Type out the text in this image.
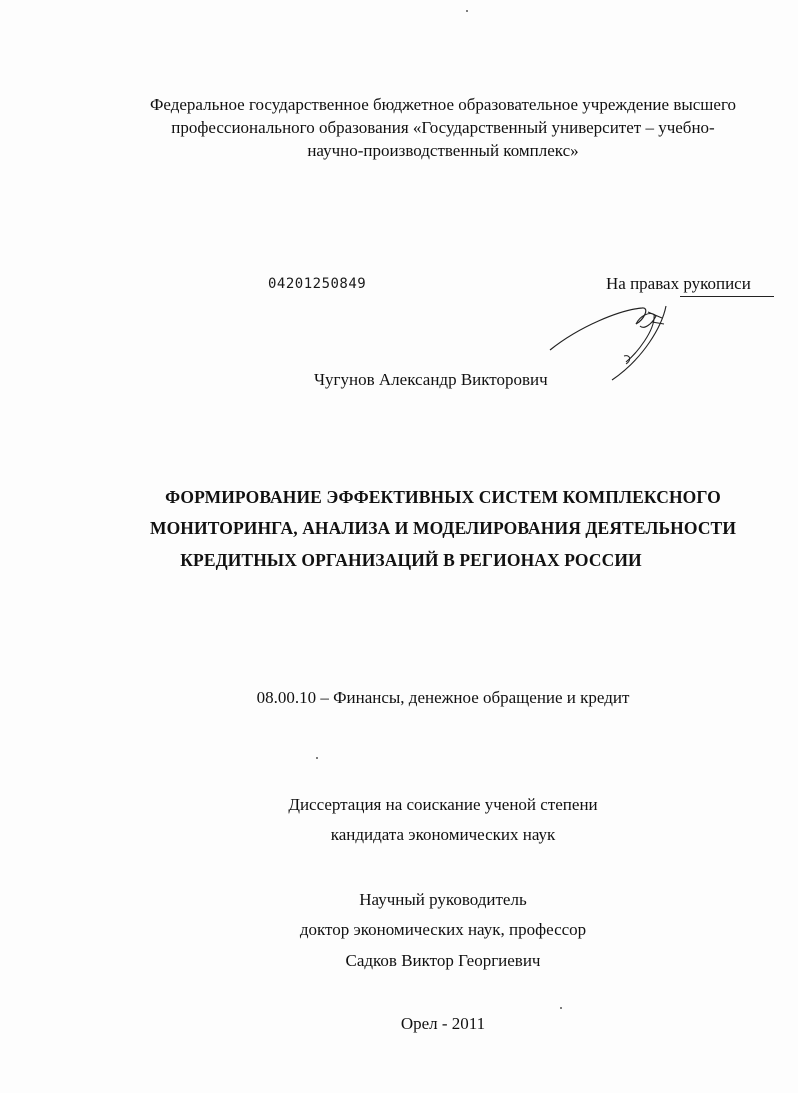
Федеральное государственное бюджетное образовательное учреждение высшего
профессионального образования «Государственный университет – учебно-
научно-производственный комплекс»
04201250849	На правах рукописи
Чугунов Александр Викторович
ФОРМИРОВАНИЕ ЭФФЕКТИВНЫХ СИСТЕМ КОМПЛЕКСНОГО
МОНИТОРИНГА, АНАЛИЗА И МОДЕЛИРОВАНИЯ ДЕЯТЕЛЬНОСТИ
КРЕДИТНЫХ ОРГАНИЗАЦИЙ В РЕГИОНАХ РОССИИ
08.00.10 – Финансы, денежное обращение и кредит
Диссертация на соискание ученой степени
кандидата экономических наук
Научный руководитель
доктор экономических наук, профессор
Садков Виктор Георгиевич
Орел - 2011
